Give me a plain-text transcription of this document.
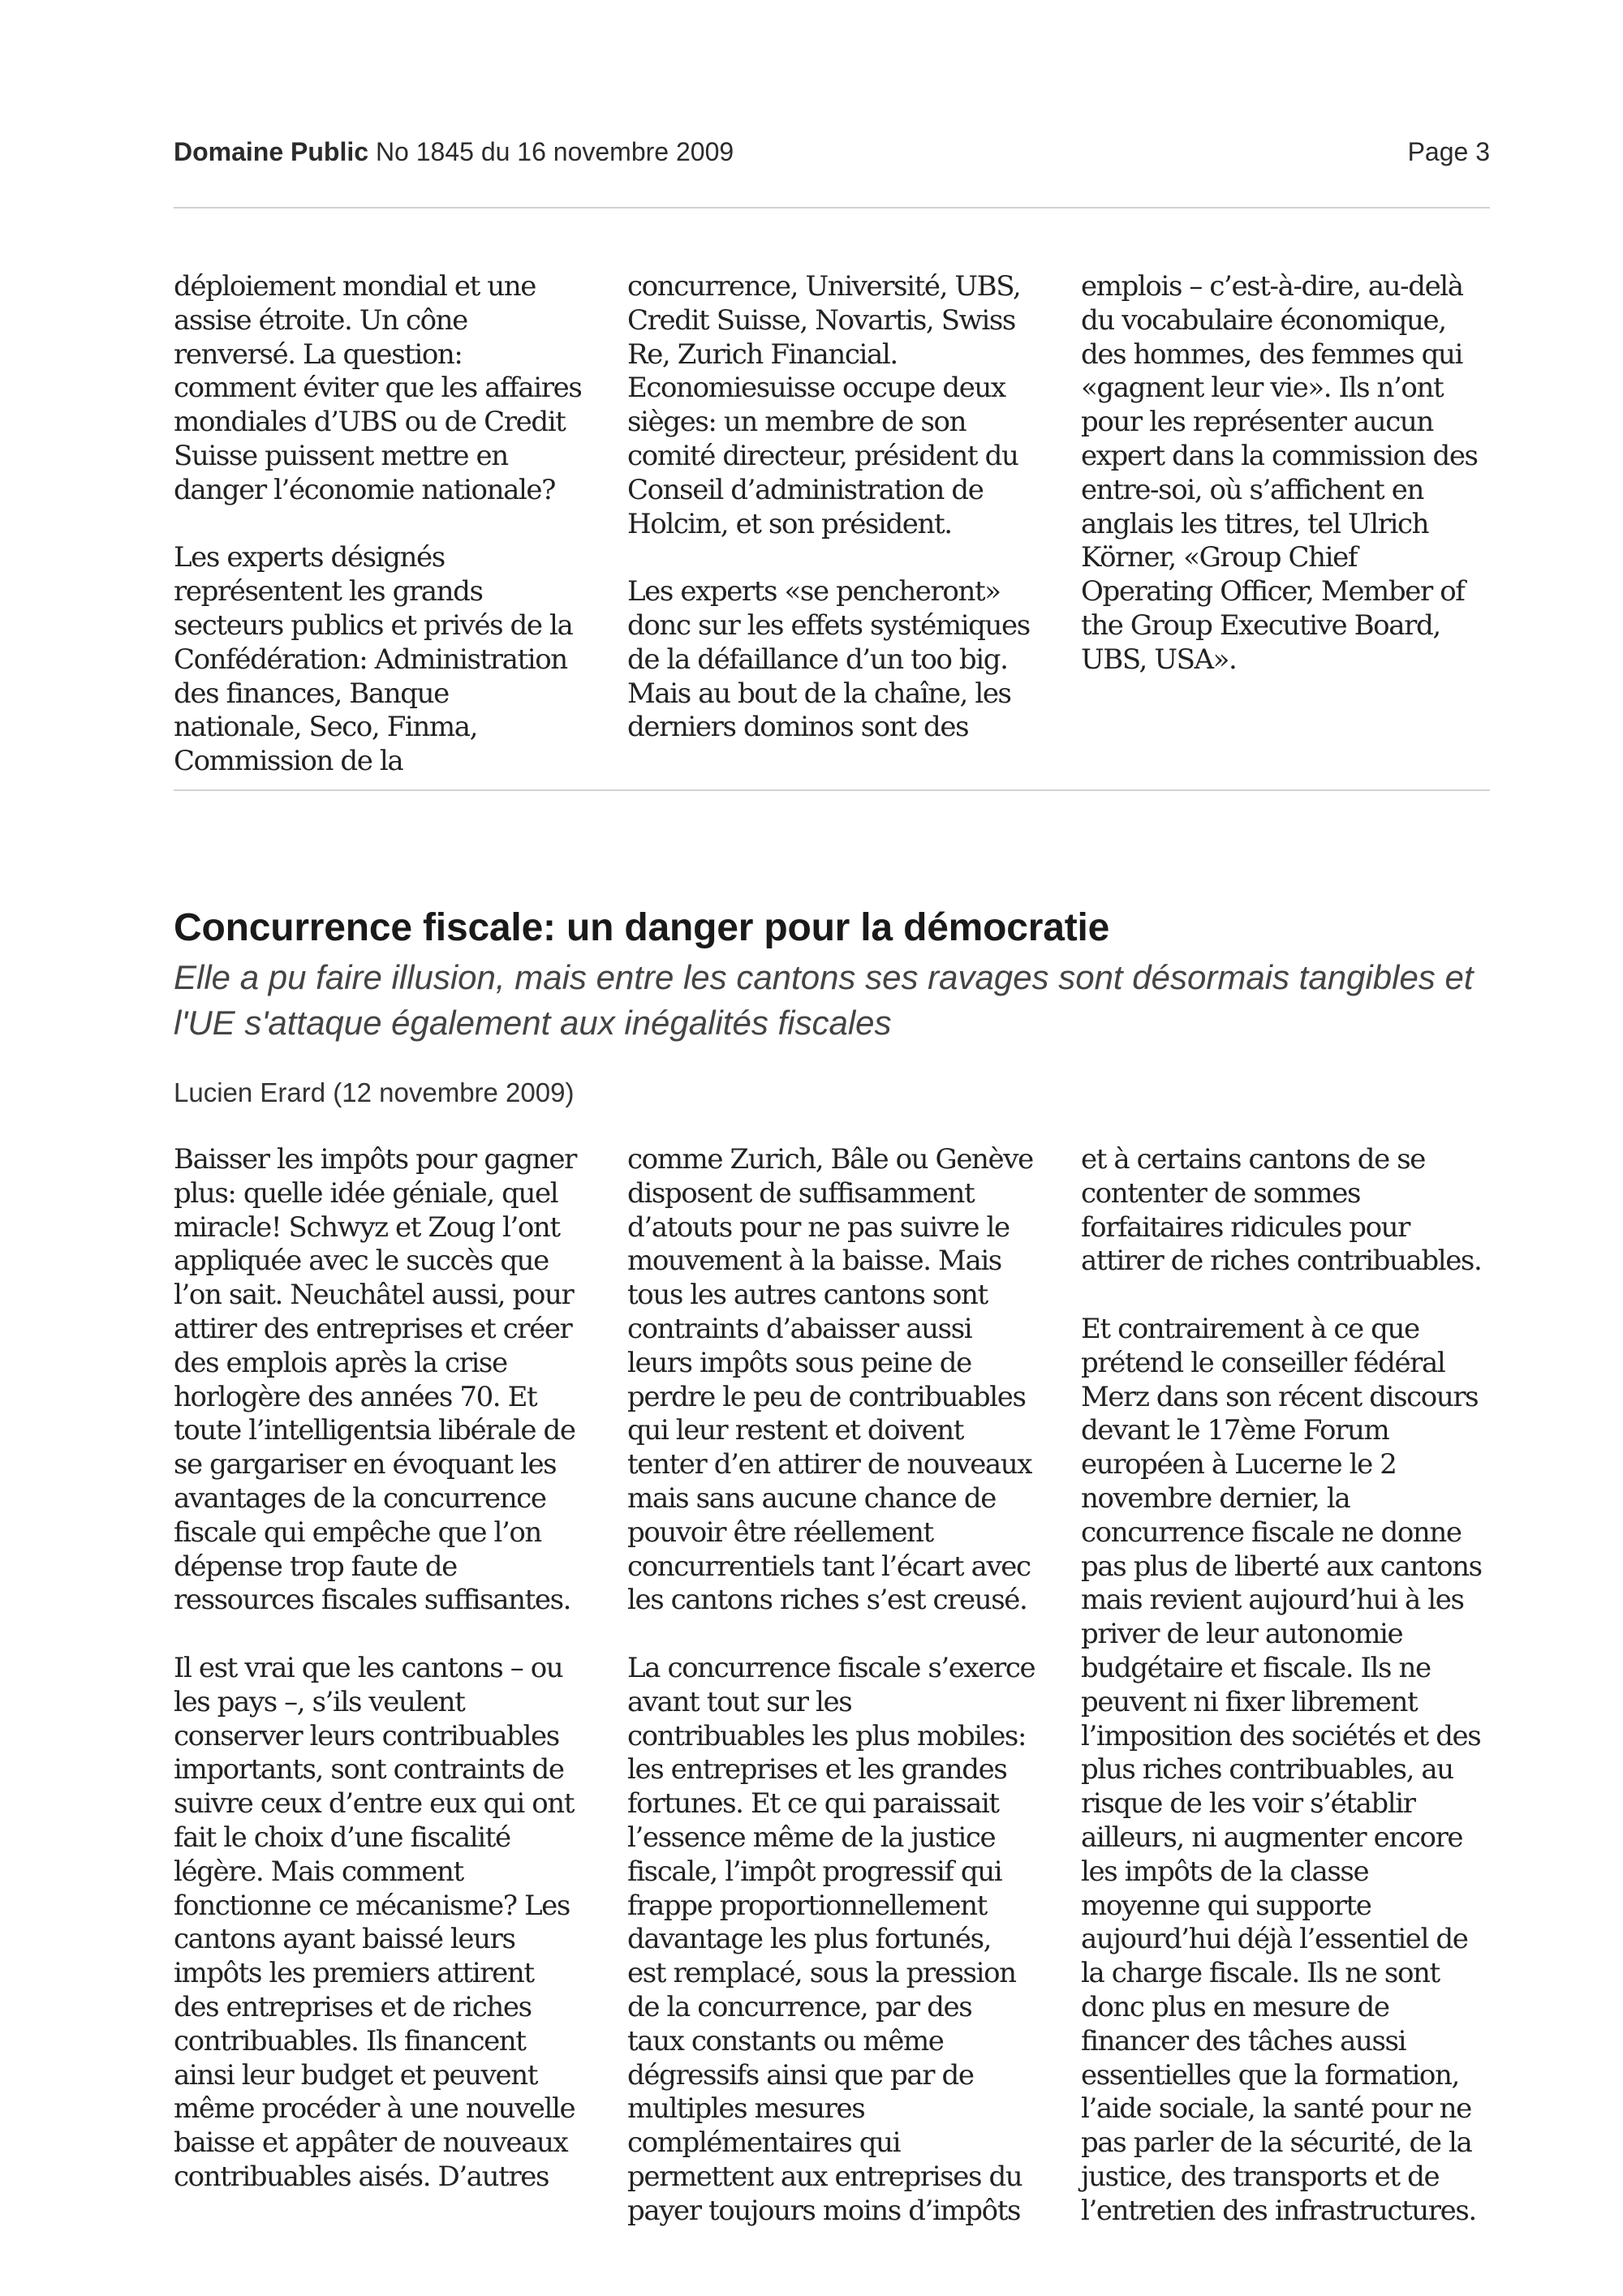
Domaine Public No 1845 du 16 novembre 2009	Page 3

déploiement mondial et une assise étroite. Un cône renversé. La question: comment éviter que les affaires mondiales d’UBS ou de Credit Suisse puissent mettre en danger l’économie nationale?

Les experts désignés représentent les grands secteurs publics et privés de la Confédération: Administration des finances, Banque nationale, Seco, Finma, Commission de la

concurrence, Université, UBS, Credit Suisse, Novartis, Swiss Re, Zurich Financial. Economiesuisse occupe deux sièges: un membre de son comité directeur, président du Conseil d’administration de Holcim, et son président.

Les experts «se pencheront» donc sur les effets systémiques de la défaillance d’un too big. Mais au bout de la chaîne, les derniers dominos sont des

emplois – c’est-à-dire, au-delà du vocabulaire économique, des hommes, des femmes qui «gagnent leur vie». Ils n’ont pour les représenter aucun expert dans la commission des entre-soi, où s’affichent en anglais les titres, tel Ulrich Körner, «Group Chief Operating Officer, Member of the Group Executive Board, UBS, USA».

Concurrence fiscale: un danger pour la démocratie
Elle a pu faire illusion, mais entre les cantons ses ravages sont désormais tangibles et l'UE s'attaque également aux inégalités fiscales
Lucien Erard (12 novembre 2009)

Baisser les impôts pour gagner plus: quelle idée géniale, quel miracle! Schwyz et Zoug l’ont appliquée avec le succès que l’on sait. Neuchâtel aussi, pour attirer des entreprises et créer des emplois après la crise horlogère des années 70. Et toute l’intelligentsia libérale de se gargariser en évoquant les avantages de la concurrence fiscale qui empêche que l’on dépense trop faute de ressources fiscales suffisantes.

Il est vrai que les cantons – ou les pays –, s’ils veulent conserver leurs contribuables importants, sont contraints de suivre ceux d’entre eux qui ont fait le choix d’une fiscalité légère. Mais comment fonctionne ce mécanisme? Les cantons ayant baissé leurs impôts les premiers attirent des entreprises et de riches contribuables. Ils financent ainsi leur budget et peuvent même procéder à une nouvelle baisse et appâter de nouveaux contribuables aisés. D’autres

comme Zurich, Bâle ou Genève disposent de suffisamment d’atouts pour ne pas suivre le mouvement à la baisse. Mais tous les autres cantons sont contraints d’abaisser aussi leurs impôts sous peine de perdre le peu de contribuables qui leur restent et doivent tenter d’en attirer de nouveaux mais sans aucune chance de pouvoir être réellement concurrentiels tant l’écart avec les cantons riches s’est creusé.

La concurrence fiscale s’exerce avant tout sur les contribuables les plus mobiles: les entreprises et les grandes fortunes. Et ce qui paraissait l’essence même de la justice fiscale, l’impôt progressif qui frappe proportionnellement davantage les plus fortunés, est remplacé, sous la pression de la concurrence, par des taux constants ou même dégressifs ainsi que par de multiples mesures complémentaires qui permettent aux entreprises du payer toujours moins d’impôts

et à certains cantons de se contenter de sommes forfaitaires ridicules pour attirer de riches contribuables.

Et contrairement à ce que prétend le conseiller fédéral Merz dans son récent discours devant le 17ème Forum européen à Lucerne le 2 novembre dernier, la concurrence fiscale ne donne pas plus de liberté aux cantons mais revient aujourd’hui à les priver de leur autonomie budgétaire et fiscale. Ils ne peuvent ni fixer librement l’imposition des sociétés et des plus riches contribuables, au risque de les voir s’établir ailleurs, ni augmenter encore les impôts de la classe moyenne qui supporte aujourd’hui déjà l’essentiel de la charge fiscale. Ils ne sont donc plus en mesure de financer des tâches aussi essentielles que la formation, l’aide sociale, la santé pour ne pas parler de la sécurité, de la justice, des transports et de l’entretien des infrastructures.
